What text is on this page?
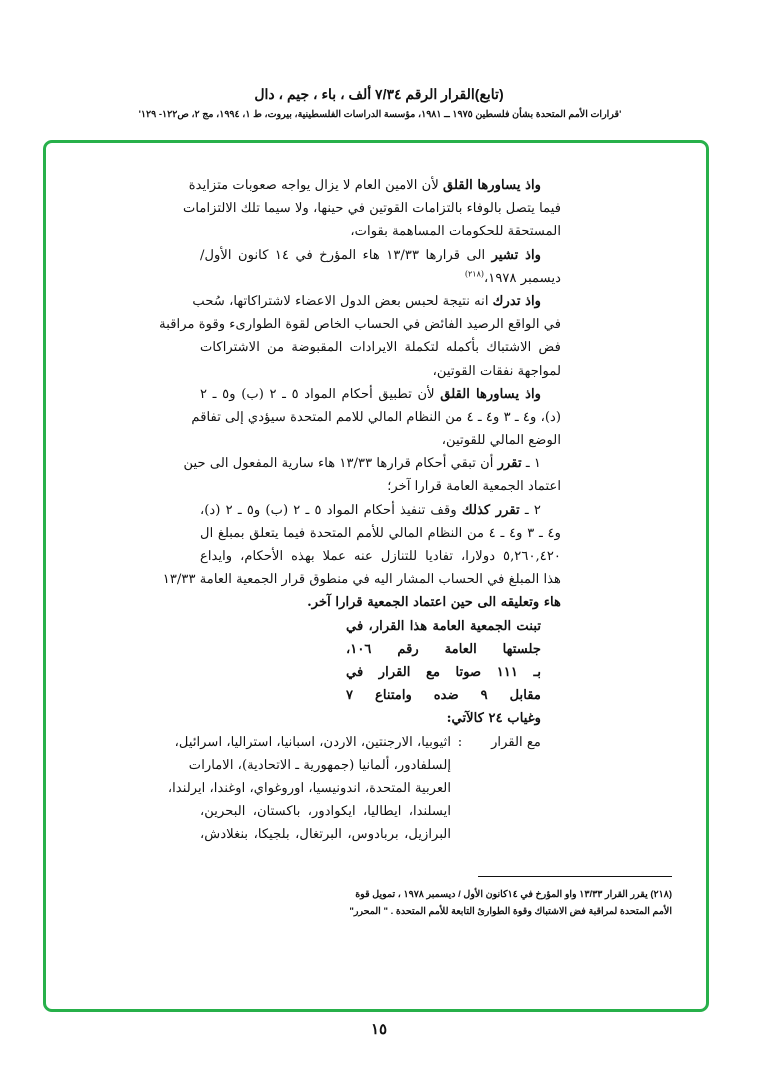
(تابع)القرار الرقم ٧/٣٤ ألف ، باء ، جيم ، دال
'قرارات الأمم المتحدة بشأن فلسطين ١٩٧٥ ــ ١٩٨١، مؤسسة الدراسات الفلسطينية، بيروت، ط ١، ١٩٩٤، مج ٢، ص١٢٢- ١٢٩'
واذ يساورها القلق لأن الامين العام لا يزال يواجه صعوبات متزايدة
فيما يتصل بالوفاء بالتزامات القوتين في حينها، ولا سيما تلك الالتزامات
المستحقة للحكومات المساهمة بقوات،
واذ تشير الى قرارها ١٣/٣٣ هاء المؤرخ في ١٤ كانون الأول/
ديسمبر ١٩٧٨،$^{(٢١٨)}$
واذ تدرك انه نتيجة لحبس بعض الدول الاعضاء لاشتراكاتها، سُحب
في الواقع الرصيد الفائض في الحساب الخاص لقوة الطوارىء وقوة مراقبة
فض الاشتباك بأكمله لتكملة الايرادات المقبوضة من الاشتراكات
لمواجهة نفقات القوتين،
واذ يساورها القلق لأن تطبيق أحكام المواد ٥ ـ ٢ (ب) و٥ ـ ٢
(د)، و٤ ـ ٣ و٤ ـ ٤ من النظام المالي للامم المتحدة سيؤدي إلى تفاقم
الوضع المالي للقوتين،
١ ـ تقرر أن تبقي أحكام قرارها ١٣/٣٣ هاء سارية المفعول الى حين
اعتماد الجمعية العامة قرارا آخر؛
٢ ـ تقرر كذلك وقف تنفيذ أحكام المواد ٥ ـ ٢ (ب) و٥ ـ ٢ (د)،
و٤ ـ ٣ و٤ ـ ٤ من النظام المالي للأمم المتحدة فيما يتعلق بمبلغ ال
٥,٢٦٠,٤٢٠ دولارا، تفاديا للتنازل عنه عملا بهذه الأحكام، وايداع
هذا المبلغ في الحساب المشار اليه في منطوق قرار الجمعية العامة ١٣/٣٣
هاء وتعليقه الى حين اعتماد الجمعية قرارا آخر.
تبنت الجمعية العامة هذا القرار، في
جلستها العامة رقم ١٠٦،
بـ ١١١ صوتا مع القرار في
مقابل ٩ ضده وامتناع ٧
وغياب ٢٤ كالآتي:
مع القرار
:
اثيوبيا، الارجنتين، الاردن، اسبانيا، استراليا، اسرائيل،
إلسلفادور، ألمانيا (جمهورية ـ الاتحادية)، الامارات
العربية المتحدة، اندونيسيا، اوروغواي، اوغندا، ايرلندا،
ايسلندا، ايطاليا، ايكوادور، باكستان، البحرين،
البرازيل، بربادوس، البرتغال، بلجيكا، بنغلادش،
(٢١٨) يقرر القرار ١٣/٣٣ واو المؤرخ في ١٤كانون الأول / ديسمبر ١٩٧٨ ، تمويل قوة
الأمم المتحدة لمراقبة فض الاشتباك وقوة الطوارئ التابعة للأمم المتحدة . " المحرر"
١٥
